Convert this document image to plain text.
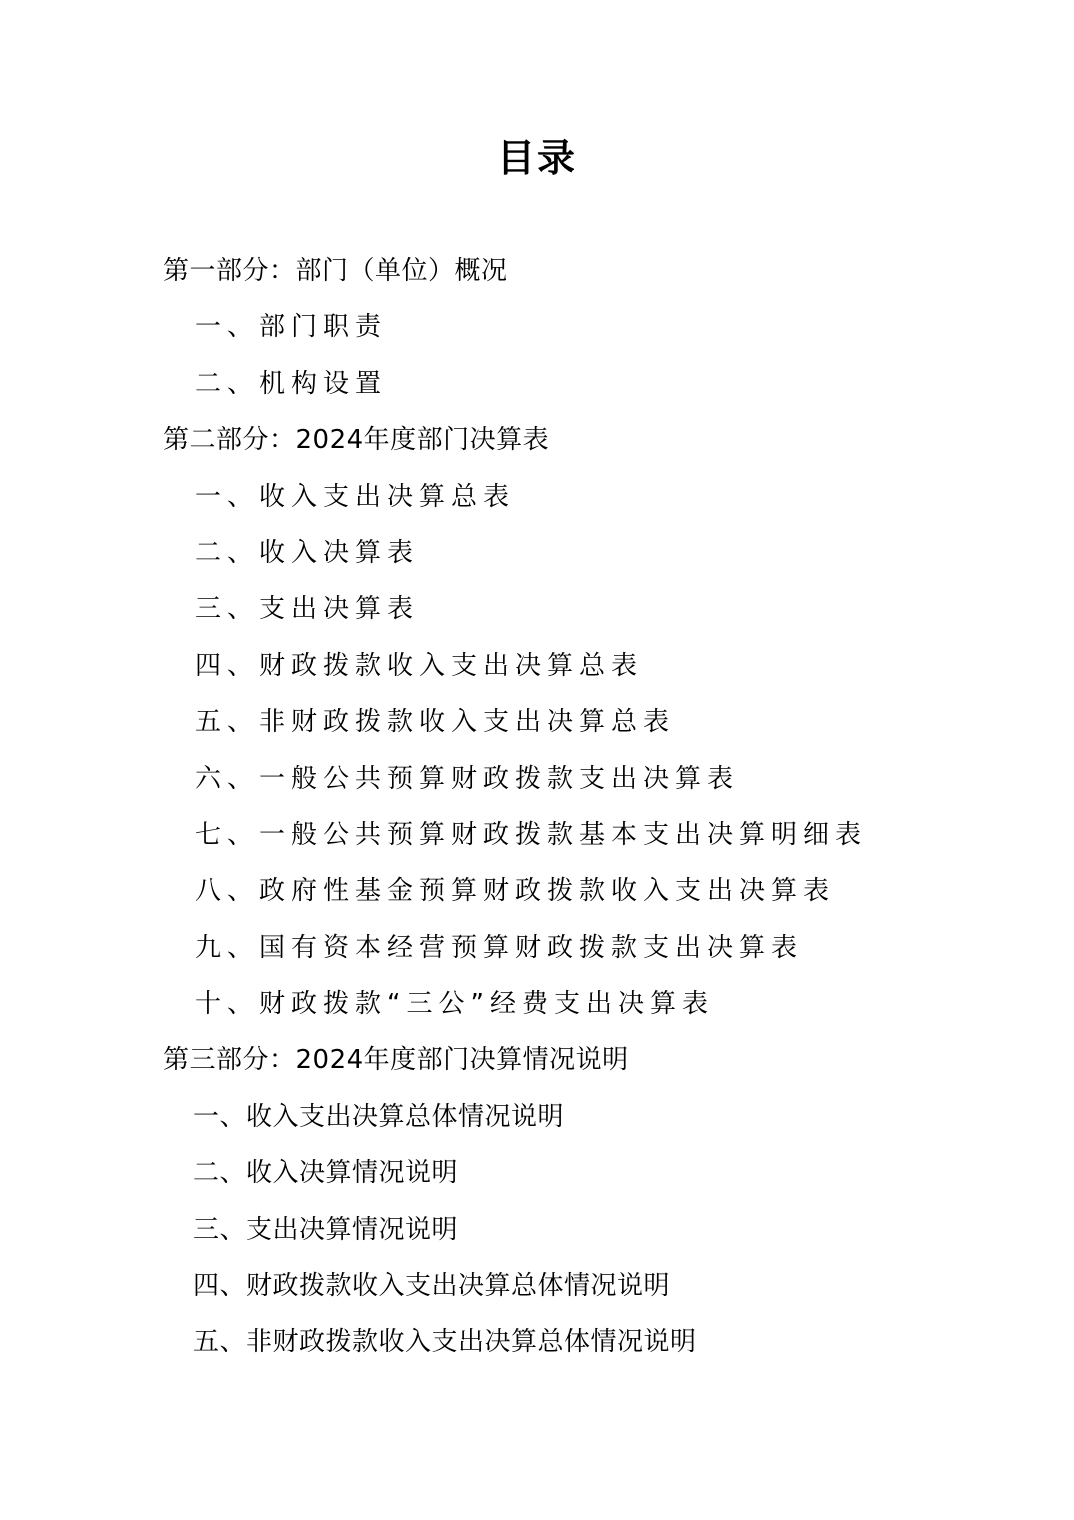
目录
第一部分：部门（单位）概况
一、部门职责
二、机构设置
第二部分：2024年度部门决算表
一、收入支出决算总表
二、收入决算表
三、支出决算表
四、财政拨款收入支出决算总表
五、非财政拨款收入支出决算总表
六、一般公共预算财政拨款支出决算表
七、一般公共预算财政拨款基本支出决算明细表
八、政府性基金预算财政拨款收入支出决算表
九、国有资本经营预算财政拨款支出决算表
十、财政拨款“三公”经费支出决算表
第三部分：2024年度部门决算情况说明
一、收入支出决算总体情况说明
二、收入决算情况说明
三、支出决算情况说明
四、财政拨款收入支出决算总体情况说明
五、非财政拨款收入支出决算总体情况说明
